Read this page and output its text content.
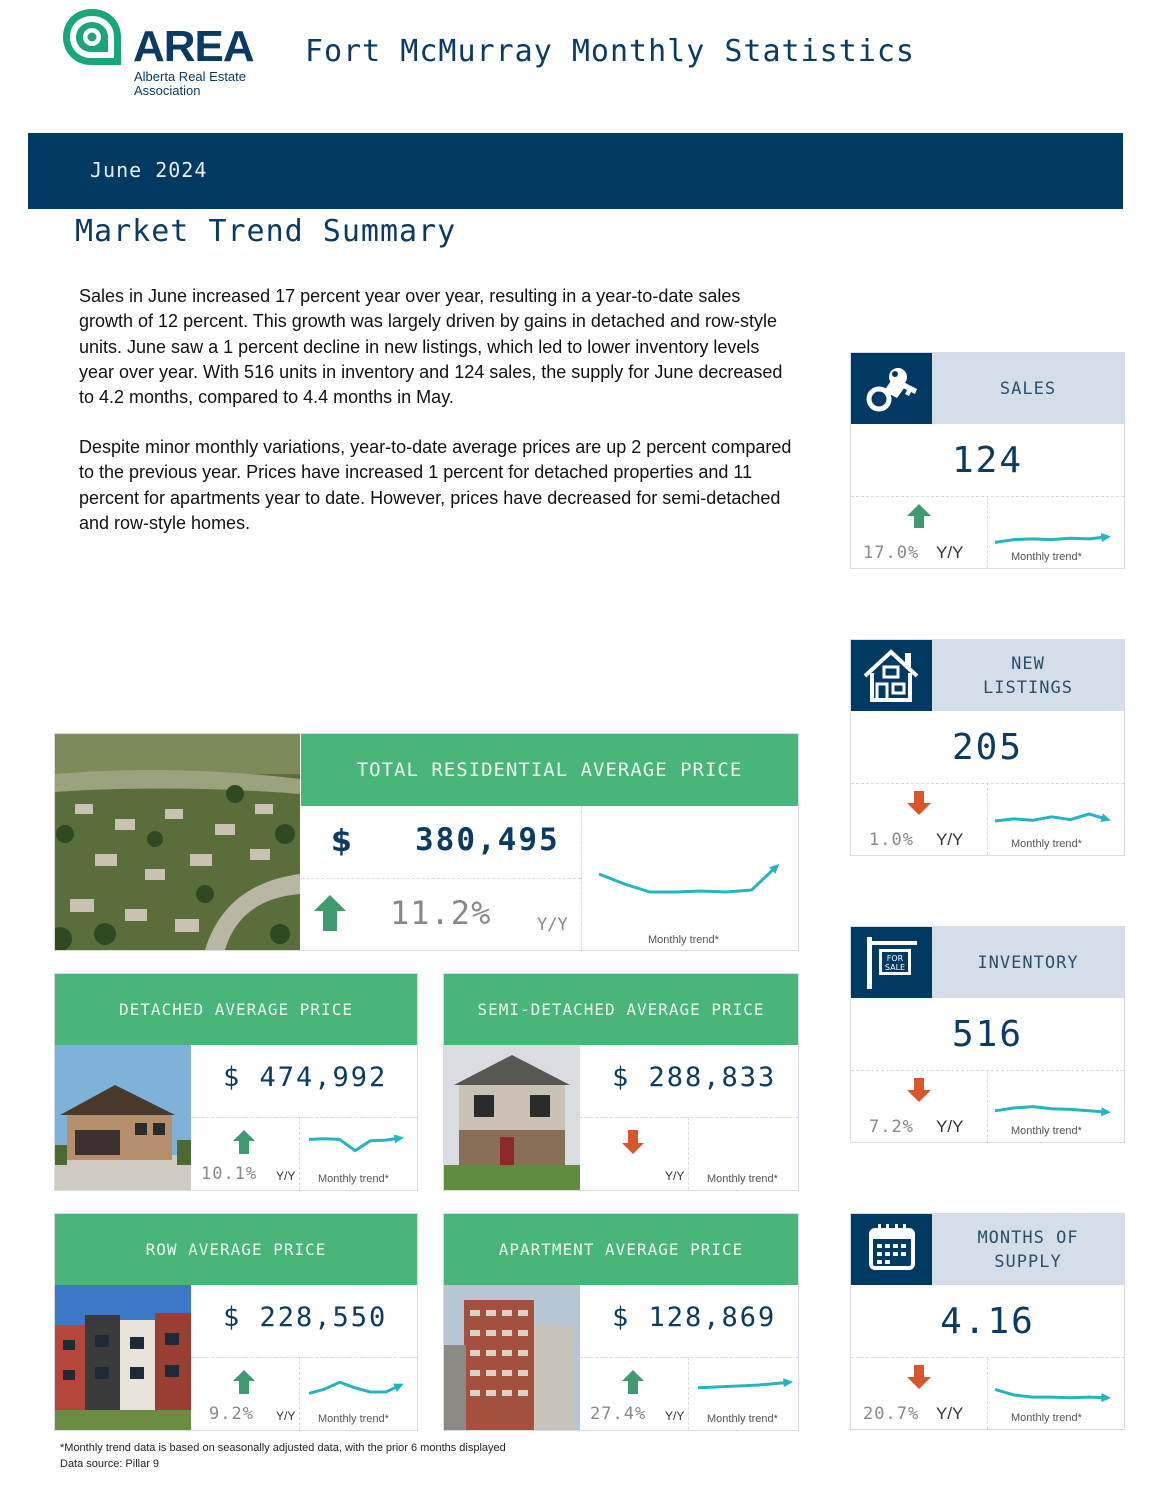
AREA
Alberta Real Estate
Association
Fort McMurray Monthly Statistics
June 2024
Market Trend Summary

Sales in June increased 17 percent year over year, resulting in a year-to-date sales growth of 12 percent. This growth was largely driven by gains in detached and row-style units. June saw a 1 percent decline in new listings, which led to lower inventory levels year over year. With 516 units in inventory and 124 sales, the supply for June decreased to 4.2 months, compared to 4.4 months in May.

Despite minor monthly variations, year-to-date average prices are up 2 percent compared to the previous year. Prices have increased 1 percent for detached properties and 11 percent for apartments year to date. However, prices have decreased for semi-detached and row-style homes.

SALES
124
17.0% Y/Y	Monthly trend*
NEW
LISTINGS
205
1.0% Y/Y	Monthly trend*
FOR
SALE	INVENTORY
516
7.2% Y/Y	Monthly trend*
MONTHS OF
SUPPLY
4.16
20.7% Y/Y	Monthly trend*
TOTAL RESIDENTIAL AVERAGE PRICE
$ 380,495
11.2%	Y/Y
Monthly trend*
DETACHED AVERAGE PRICE
$ 474,992
10.1% Y/Y Monthly trend*
SEMI-DETACHED AVERAGE PRICE
$ 288,833
Y/Y Monthly trend*
ROW AVERAGE PRICE
$ 228,550
9.2% Y/Y Monthly trend*
APARTMENT AVERAGE PRICE
$ 128,869
27.4% Y/Y Monthly trend*
*Monthly trend data is based on seasonally adjusted data, with the prior 6 months displayed
Data source: Pillar 9
